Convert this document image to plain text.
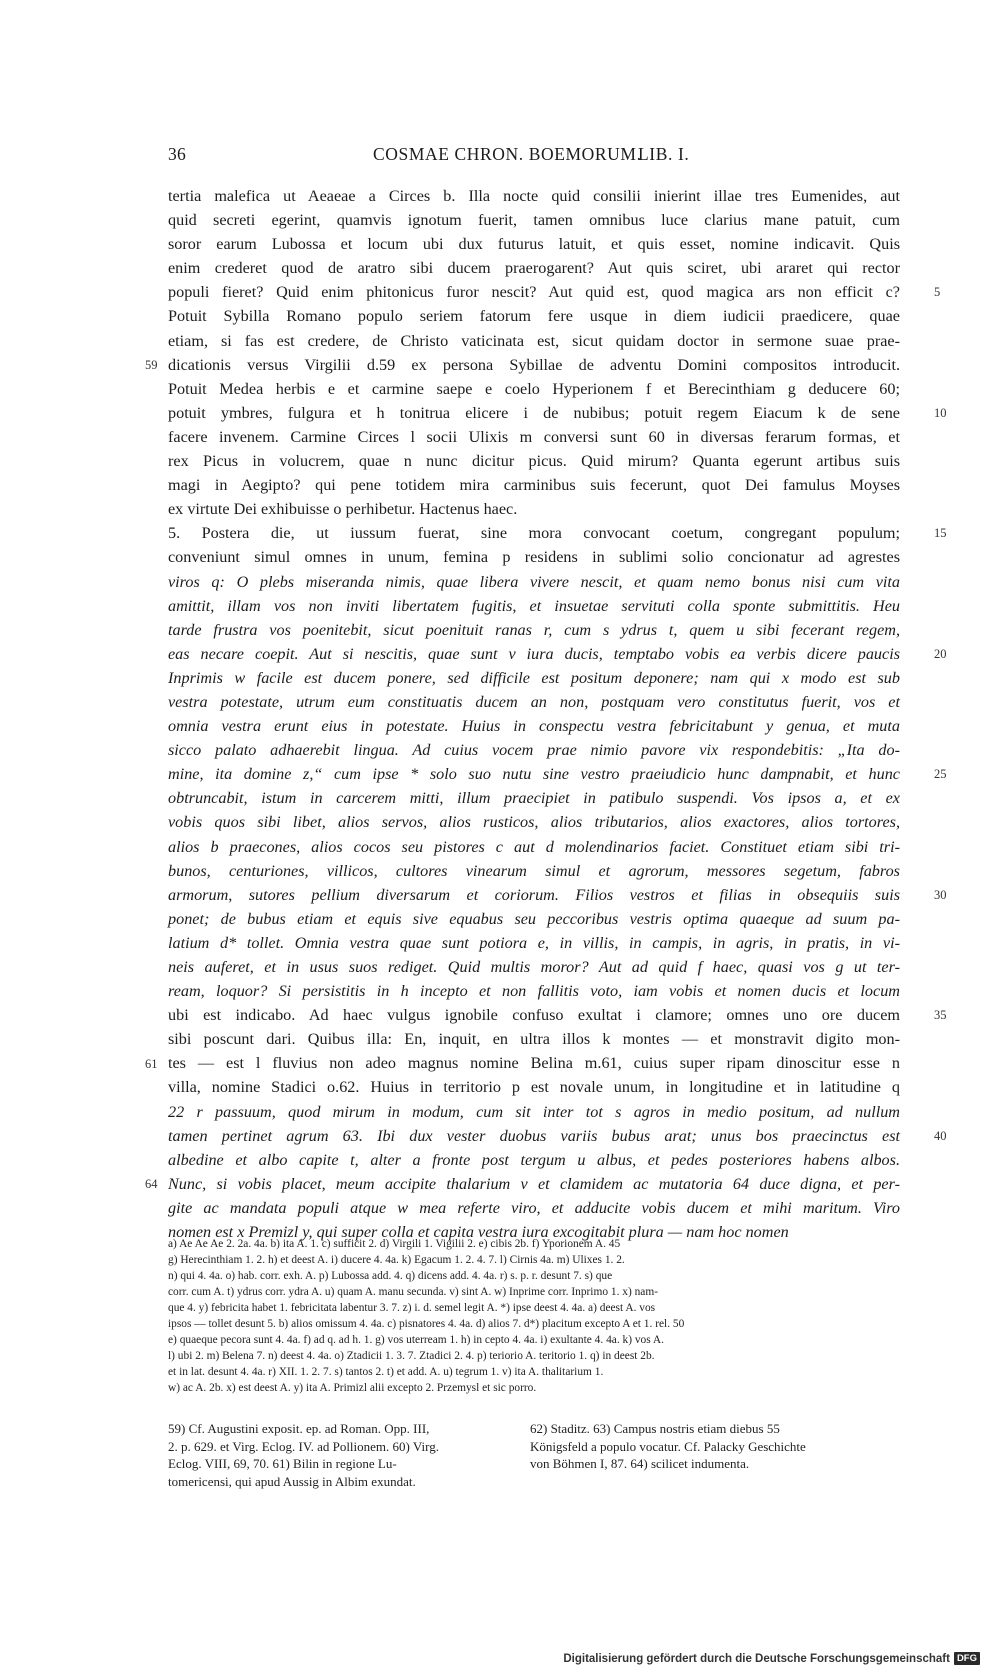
36	COSMAE CHRON. BOEMORUM.
LIB. I.
tertia malefica ut Aeaeae a Circes b. Illa nocte quid consilii inierint illae tres Eumenides, aut
quid secreti egerint, quamvis ignotum fuerit, tamen omnibus luce clarius mane patuit, cum
soror earum Lubossa et locum ubi dux futurus latuit, et quis esset, nomine indicavit. Quis
enim crederet quod de aratro sibi ducem praerogarent? Aut quis sciret, ubi araret qui rector
populi fieret? Quid enim phitonicus furor nescit? Aut quid est, quod magica ars non efficit c?
Potuit Sybilla Romano populo seriem fatorum fere usque in diem iudicii praedicere, quae
etiam, si fas est credere, de Christo vaticinata est, sicut quidam doctor in sermone suae prae-
dicationis versus Virgilii d.59 ex persona Sybillae de adventu Domini compositos introducit.
Potuit Medea herbis e et carmine saepe e coelo Hyperionem f et Berecinthiam g deducere 60;
potuit ymbres, fulgura et h tonitrua elicere i de nubibus; potuit regem Eiacum k de sene
facere invenem. Carmine Circes l socii Ulixis m conversi sunt 60 in diversas ferarum formas, et
rex Picus in volucrem, quae n nunc dicitur picus. Quid mirum? Quanta egerunt artibus suis
magi in Aegipto? qui pene totidem mira carminibus suis fecerunt, quot Dei famulus Moyses
ex virtute Dei exhibuisse o perhibetur. Hactenus haec.
5. Postera die, ut iussum fuerat, sine mora convocant coetum, congregant populum;
conveniunt simul omnes in unum, femina p residens in sublimi solio concionatur ad agrestes
viros q: O plebs miseranda nimis, quae libera vivere nescit, et quam nemo bonus nisi cum vita
amittit, illam vos non inviti libertatem fugitis, et insuetae servituti colla sponte submittitis. Heu
tarde frustra vos poenitebit, sicut poenituit ranas r, cum s ydrus t, quem u sibi fecerant regem,
eas necare coepit. Aut si nescitis, quae sunt v iura ducis, temptabo vobis ea verbis dicere paucis
Inprimis w facile est ducem ponere, sed difficile est positum deponere; nam qui x modo est sub
vestra potestate, utrum eum constituatis ducem an non, postquam vero constitutus fuerit, vos et
omnia vestra erunt eius in potestate. Huius in conspectu vestra febricitabunt y genua, et muta
sicco palato adhaerebit lingua. Ad cuius vocem prae nimio pavore vix respondebitis: „Ita do-
mine, ita domine z,“ cum ipse * solo suo nutu sine vestro praeiudicio hunc dampnabit, et hunc
obtruncabit, istum in carcerem mitti, illum praecipiet in patibulo suspendi. Vos ipsos a, et ex
vobis quos sibi libet, alios servos, alios rusticos, alios tributarios, alios exactores, alios tortores,
alios b praecones, alios cocos seu pistores c aut d molendinarios faciet. Constituet etiam sibi tri-
bunos, centuriones, villicos, cultores vinearum simul et agrorum, messores segetum, fabros
armorum, sutores pellium diversarum et coriorum. Filios vestros et filias in obsequiis suis
ponet; de bubus etiam et equis sive equabus seu peccoribus vestris optima quaeque ad suum pa-
latium d* tollet. Omnia vestra quae sunt potiora e, in villis, in campis, in agris, in pratis, in vi-
neis auferet, et in usus suos rediget. Quid multis moror? Aut ad quid f haec, quasi vos g ut ter-
ream, loquor? Si persistitis in h incepto et non fallitis voto, iam vobis et nomen ducis et locum
ubi est indicabo. Ad haec vulgus ignobile confuso exultat i clamore; omnes uno ore ducem
sibi poscunt dari. Quibus illa: En, inquit, en ultra illos k montes — et monstravit digito mon-
tes — est l fluvius non adeo magnus nomine Belina m.61, cuius super ripam dinoscitur esse n
villa, nomine Stadici o.62. Huius in territorio p est novale unum, in longitudine et in latitudine q
22 r passuum, quod mirum in modum, cum sit inter tot s agros in medio positum, ad nullum
tamen pertinet agrum 63. Ibi dux vester duobus variis bubus arat; unus bos praecinctus est
albedine et albo capite t, alter a fronte post tergum u albus, et pedes posteriores habens albos.
Nunc, si vobis placet, meum accipite thalarium v et clamidem ac mutatoria 64 duce digna, et per-
gite ac mandata populi atque w mea referte viro, et adducite vobis ducem et mihi maritum. Viro
nomen est x Premizl y, qui super colla et capita vestra iura excogitabit plura — nam hoc nomen
5
10
15
20
25
30
35
40
59
61
64
a) Ae Ae Ae 2. 2a. 4a. b) ita A. 1. c) sufficit 2. d) Virgili 1. Vigilii 2. e) cibis 2b. f) Yporionem A. 45
g) Herecinthiam 1. 2. h) et deest A. i) ducere 4. 4a. k) Egacum 1. 2. 4. 7. l) Cirnis 4a. m) Ulixes 1. 2.
n) qui 4. 4a. o) hab. corr. exh. A. p) Lubossa add. 4. q) dicens add. 4. 4a. r) s. p. r. desunt 7. s) que
corr. cum A. t) ydrus corr. ydra A. u) quam A. manu secunda. v) sint A. w) Inprime corr. Inprimo 1. x) nam-
que 4. y) febricita habet 1. febricitata labentur 3. 7. z) i. d. semel legit A. *) ipse deest 4. 4a. a) deest A. vos
ipsos — tollet desunt 5. b) alios omissum 4. 4a. c) pisnatores 4. 4a. d) alios 7. d*) placitum excepto A et 1. rel. 50
e) quaeque pecora sunt 4. 4a. f) ad q. ad h. 1. g) vos uterream 1. h) in cepto 4. 4a. i) exultante 4. 4a. k) vos A.
l) ubi 2. m) Belena 7. n) deest 4. 4a. o) Ztadicii 1. 3. 7. Ztadici 2. 4. p) teriorio A. teritorio 1. q) in deest 2b.
et in lat. desunt 4. 4a. r) XII. 1. 2. 7. s) tantos 2. t) et add. A. u) tegrum 1. v) ita A. thalitarium 1.
w) ac A. 2b. x) est deest A. y) ita A. Primizl alii excepto 2. Przemysl et sic porro.
59) Cf. Augustini exposit. ep. ad Roman. Opp. III,
2. p. 629. et Virg. Eclog. IV. ad Pollionem. 60) Virg.
Eclog. VIII, 69, 70. 61) Bilin in regione Lu-
tomericensi, qui apud Aussig in Albim exundat.
62) Staditz. 63) Campus nostris etiam diebus 55
Königsfeld a populo vocatur. Cf. Palacky Geschichte
von Böhmen I, 87. 64) scilicet indumenta.
Digitalisierung gefördert durch die Deutsche Forschungsgemeinschaft DFG
